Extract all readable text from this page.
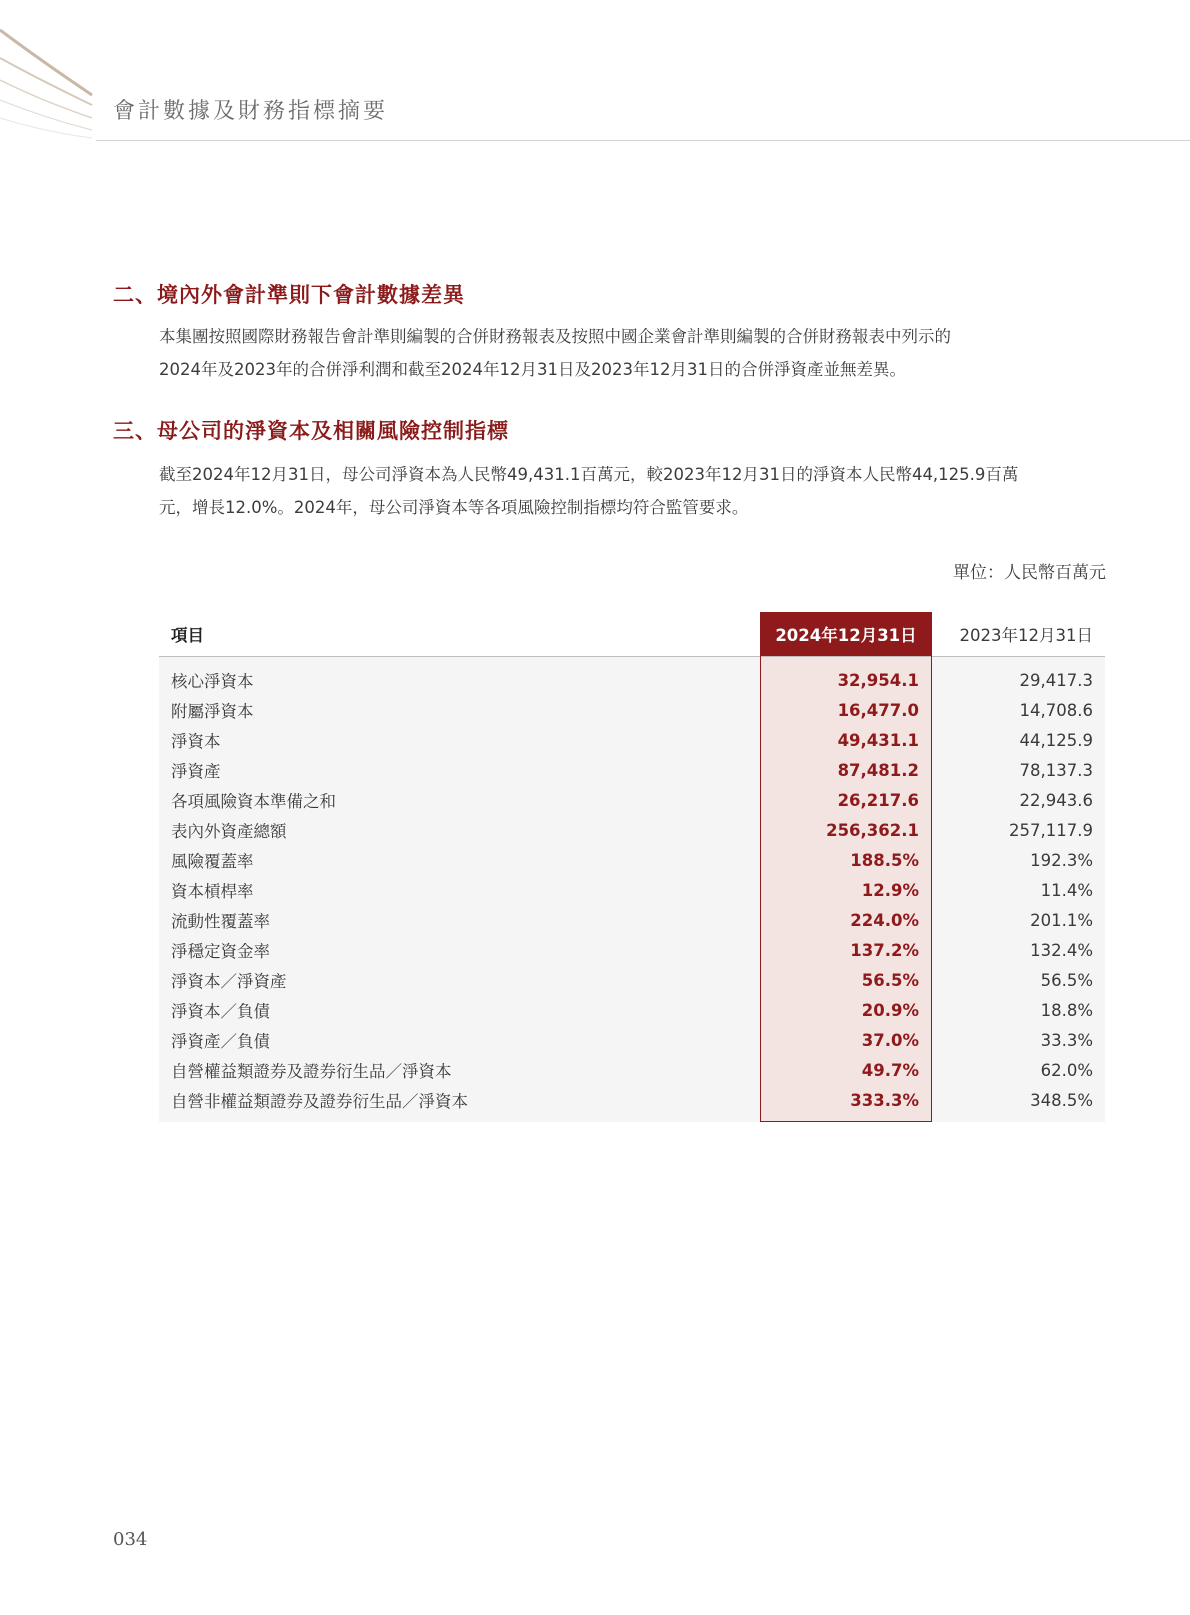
會計數據及財務指標摘要
二、境內外會計準則下會計數據差異
本集團按照國際財務報告會計準則編製的合併財務報表及按照中國企業會計準則編製的合併財務報表中列示的
2024年及2023年的合併淨利潤和截至2024年12月31日及2023年12月31日的合併淨資產並無差異。
三、母公司的淨資本及相關風險控制指標
截至2024年12月31日，母公司淨資本為人民幣49,431.1百萬元，較2023年12月31日的淨資本人民幣44,125.9百萬
元，增長12.0%。2024年，母公司淨資本等各項風險控制指標均符合監管要求。
單位：人民幣百萬元
項目	2024年12月31日	2023年12月31日
核心淨資本	32,954.1	29,417.3
附屬淨資本	16,477.0	14,708.6
淨資本	49,431.1	44,125.9
淨資產	87,481.2	78,137.3
各項風險資本準備之和	26,217.6	22,943.6
表內外資產總額	256,362.1	257,117.9
風險覆蓋率	188.5%	192.3%
資本槓桿率	12.9%	11.4%
流動性覆蓋率	224.0%	201.1%
淨穩定資金率	137.2%	132.4%
淨資本／淨資產	56.5%	56.5%
淨資本／負債	20.9%	18.8%
淨資產／負債	37.0%	33.3%
自營權益類證券及證券衍生品／淨資本	49.7%	62.0%
自營非權益類證券及證券衍生品／淨資本	333.3%	348.5%
034
